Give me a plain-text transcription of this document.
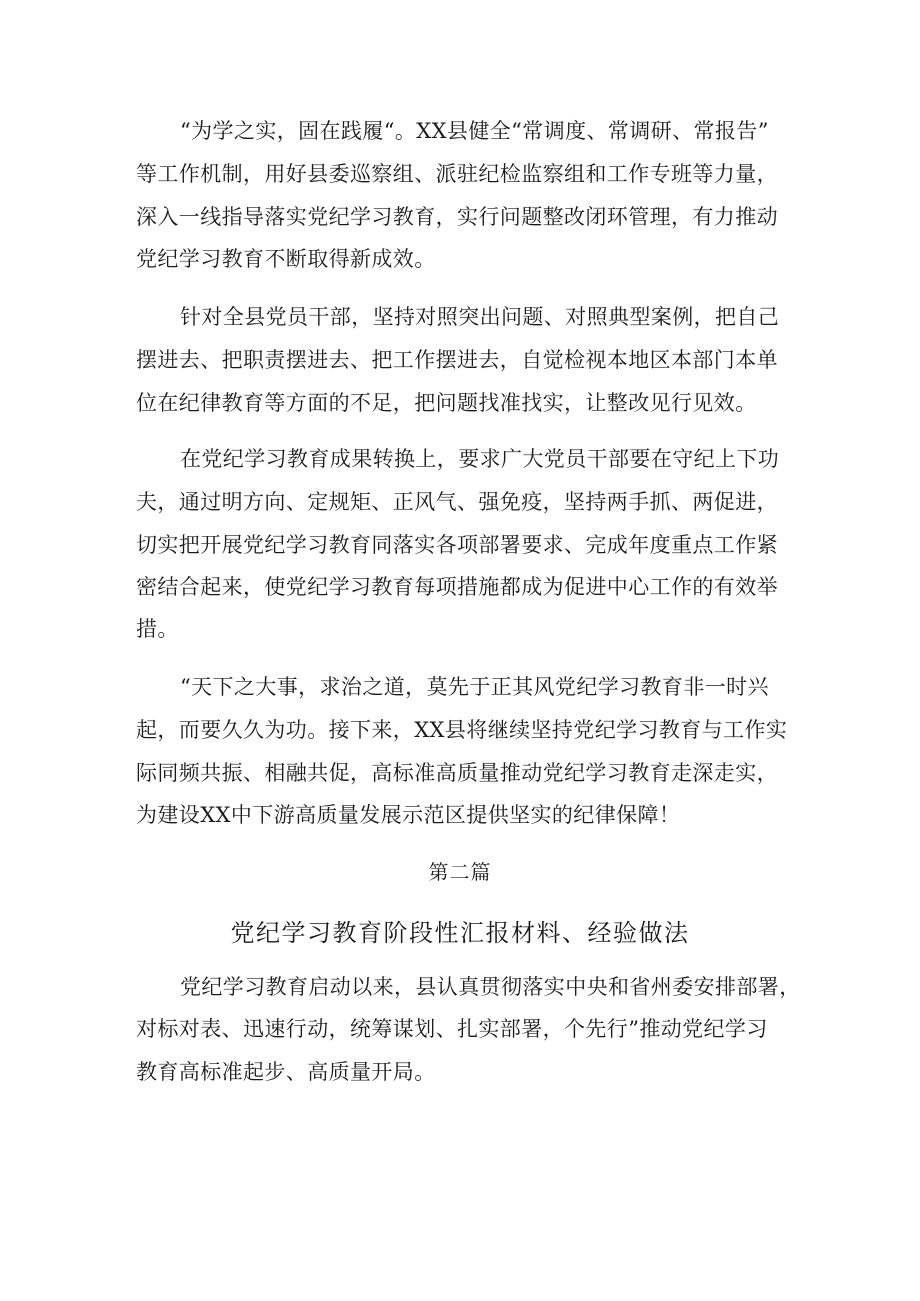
“为学之实，固在践履“。XX县健全“常调度、常调研、常报告”
等工作机制，用好县委巡察组、派驻纪检监察组和工作专班等力量，
深入一线指导落实党纪学习教育，实行问题整改闭环管理，有力推动
党纪学习教育不断取得新成效。
针对全县党员干部，坚持对照突出问题、对照典型案例，把自己
摆进去、把职责摆进去、把工作摆进去，自觉检视本地区本部门本单
位在纪律教育等方面的不足，把问题找准找实，让整改见行见效。
在党纪学习教育成果转换上，要求广大党员干部要在守纪上下功
夫，通过明方向、定规矩、正风气、强免疫，坚持两手抓、两促进，
切实把开展党纪学习教育同落实各项部署要求、完成年度重点工作紧
密结合起来，使党纪学习教育每项措施都成为促进中心工作的有效举
措。
“天下之大事，求治之道，莫先于正其风党纪学习教育非一时兴
起，而要久久为功。接下来，XX县将继续坚持党纪学习教育与工作实
际同频共振、相融共促，高标准高质量推动党纪学习教育走深走实，
为建设XX中下游高质量发展示范区提供坚实的纪律保障！
第二篇
党纪学习教育阶段性汇报材料、经验做法
党纪学习教育启动以来，县认真贯彻落实中央和省州委安排部署，
对标对表、迅速行动，统筹谋划、扎实部署，个先行”推动党纪学习
教育高标准起步、高质量开局。
